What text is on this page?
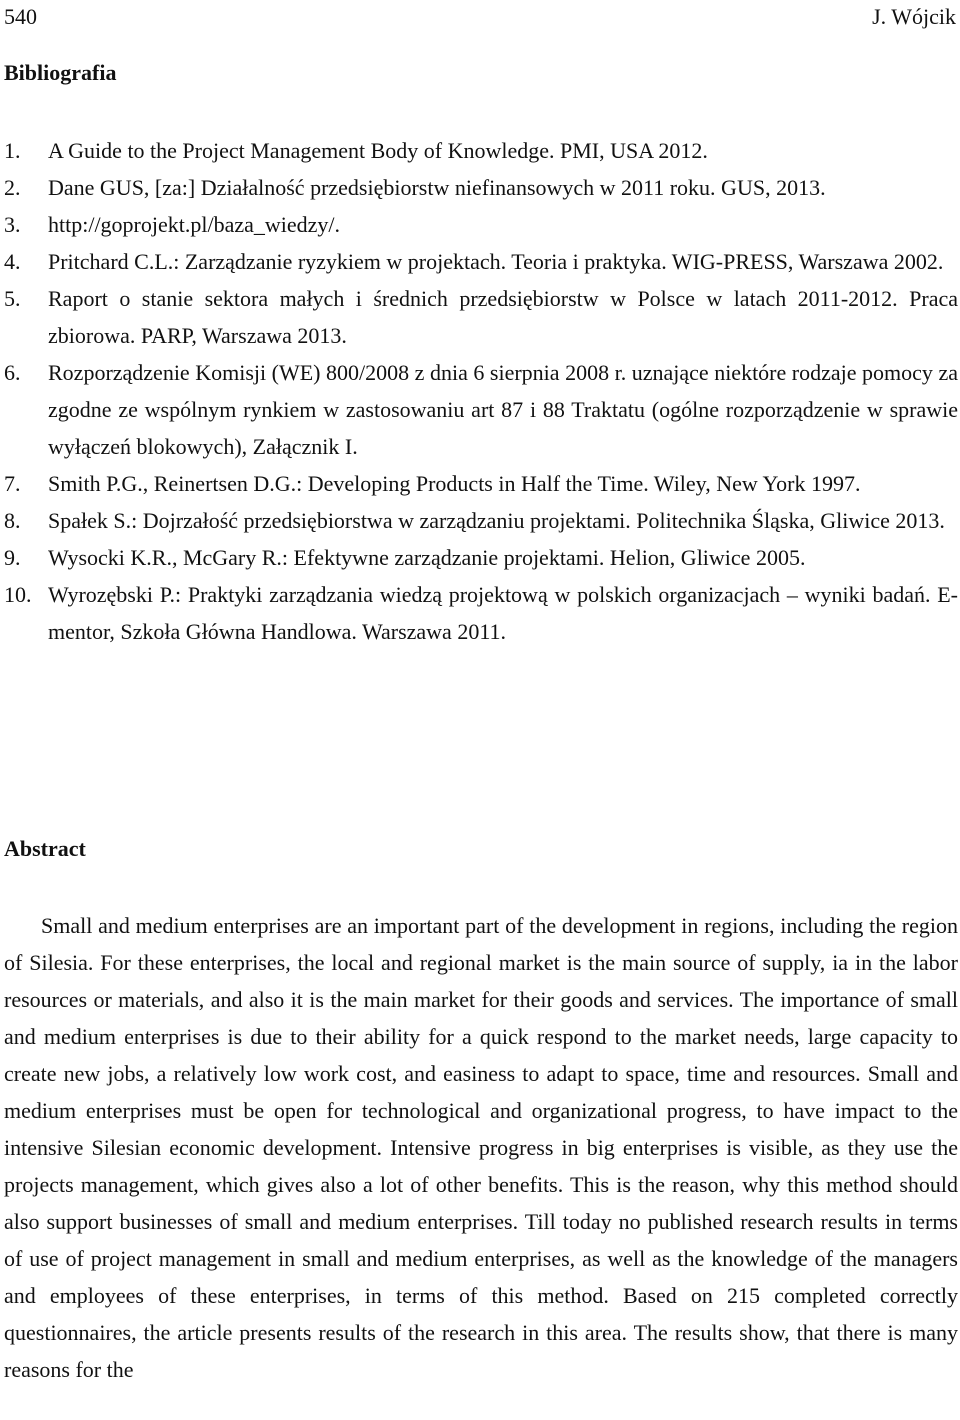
540	J. Wójcik
Bibliografia
1. A Guide to the Project Management Body of Knowledge. PMI, USA 2012.
2. Dane GUS, [za:] Działalność przedsiębiorstw niefinansowych w 2011 roku. GUS, 2013.
3. http://goprojekt.pl/baza_wiedzy/.
4. Pritchard C.L.: Zarządzanie ryzykiem w projektach. Teoria i praktyka. WIG-PRESS, Warszawa 2002.
5. Raport o stanie sektora małych i średnich przedsiębiorstw w Polsce w latach 2011-2012. Praca zbiorowa. PARP, Warszawa 2013.
6. Rozporządzenie Komisji (WE) 800/2008 z dnia 6 sierpnia 2008 r. uznające niektóre rodzaje pomocy za zgodne ze wspólnym rynkiem w zastosowaniu art 87 i 88 Traktatu (ogólne rozporządzenie w sprawie wyłączeń blokowych), Załącznik I.
7. Smith P.G., Reinertsen D.G.: Developing Products in Half the Time. Wiley, New York 1997.
8. Spałek S.: Dojrzałość przedsiębiorstwa w zarządzaniu projektami. Politechnika Śląska, Gliwice 2013.
9. Wysocki K.R., McGary R.: Efektywne zarządzanie projektami. Helion, Gliwice 2005.
10. Wyrozębski P.: Praktyki zarządzania wiedzą projektową w polskich organizacjach – wyniki badań. E-mentor, Szkoła Główna Handlowa. Warszawa 2011.
Abstract

Small and medium enterprises are an important part of the development in regions, including the region of Silesia. For these enterprises, the local and regional market is the main source of supply, ia in the labor resources or materials, and also it is the main market for their goods and services. The importance of small and medium enterprises is due to their ability for a quick respond to the market needs, large capacity to create new jobs, a relatively low work cost, and easiness to adapt to space, time and resources. Small and medium enterprises must be open for technological and organizational progress, to have impact to the intensive Silesian economic development. Intensive progress in big enterprises is visible, as they use the projects management, which gives also a lot of other benefits. This is the reason, why this method should also support businesses of small and medium enterprises. Till today no published research results in terms of use of project management in small and medium enterprises, as well as the knowledge of the managers and employees of these enterprises, in terms of this method. Based on 215 completed correctly questionnaires, the article presents results of the research in this area. The results show, that there is many reasons for the
